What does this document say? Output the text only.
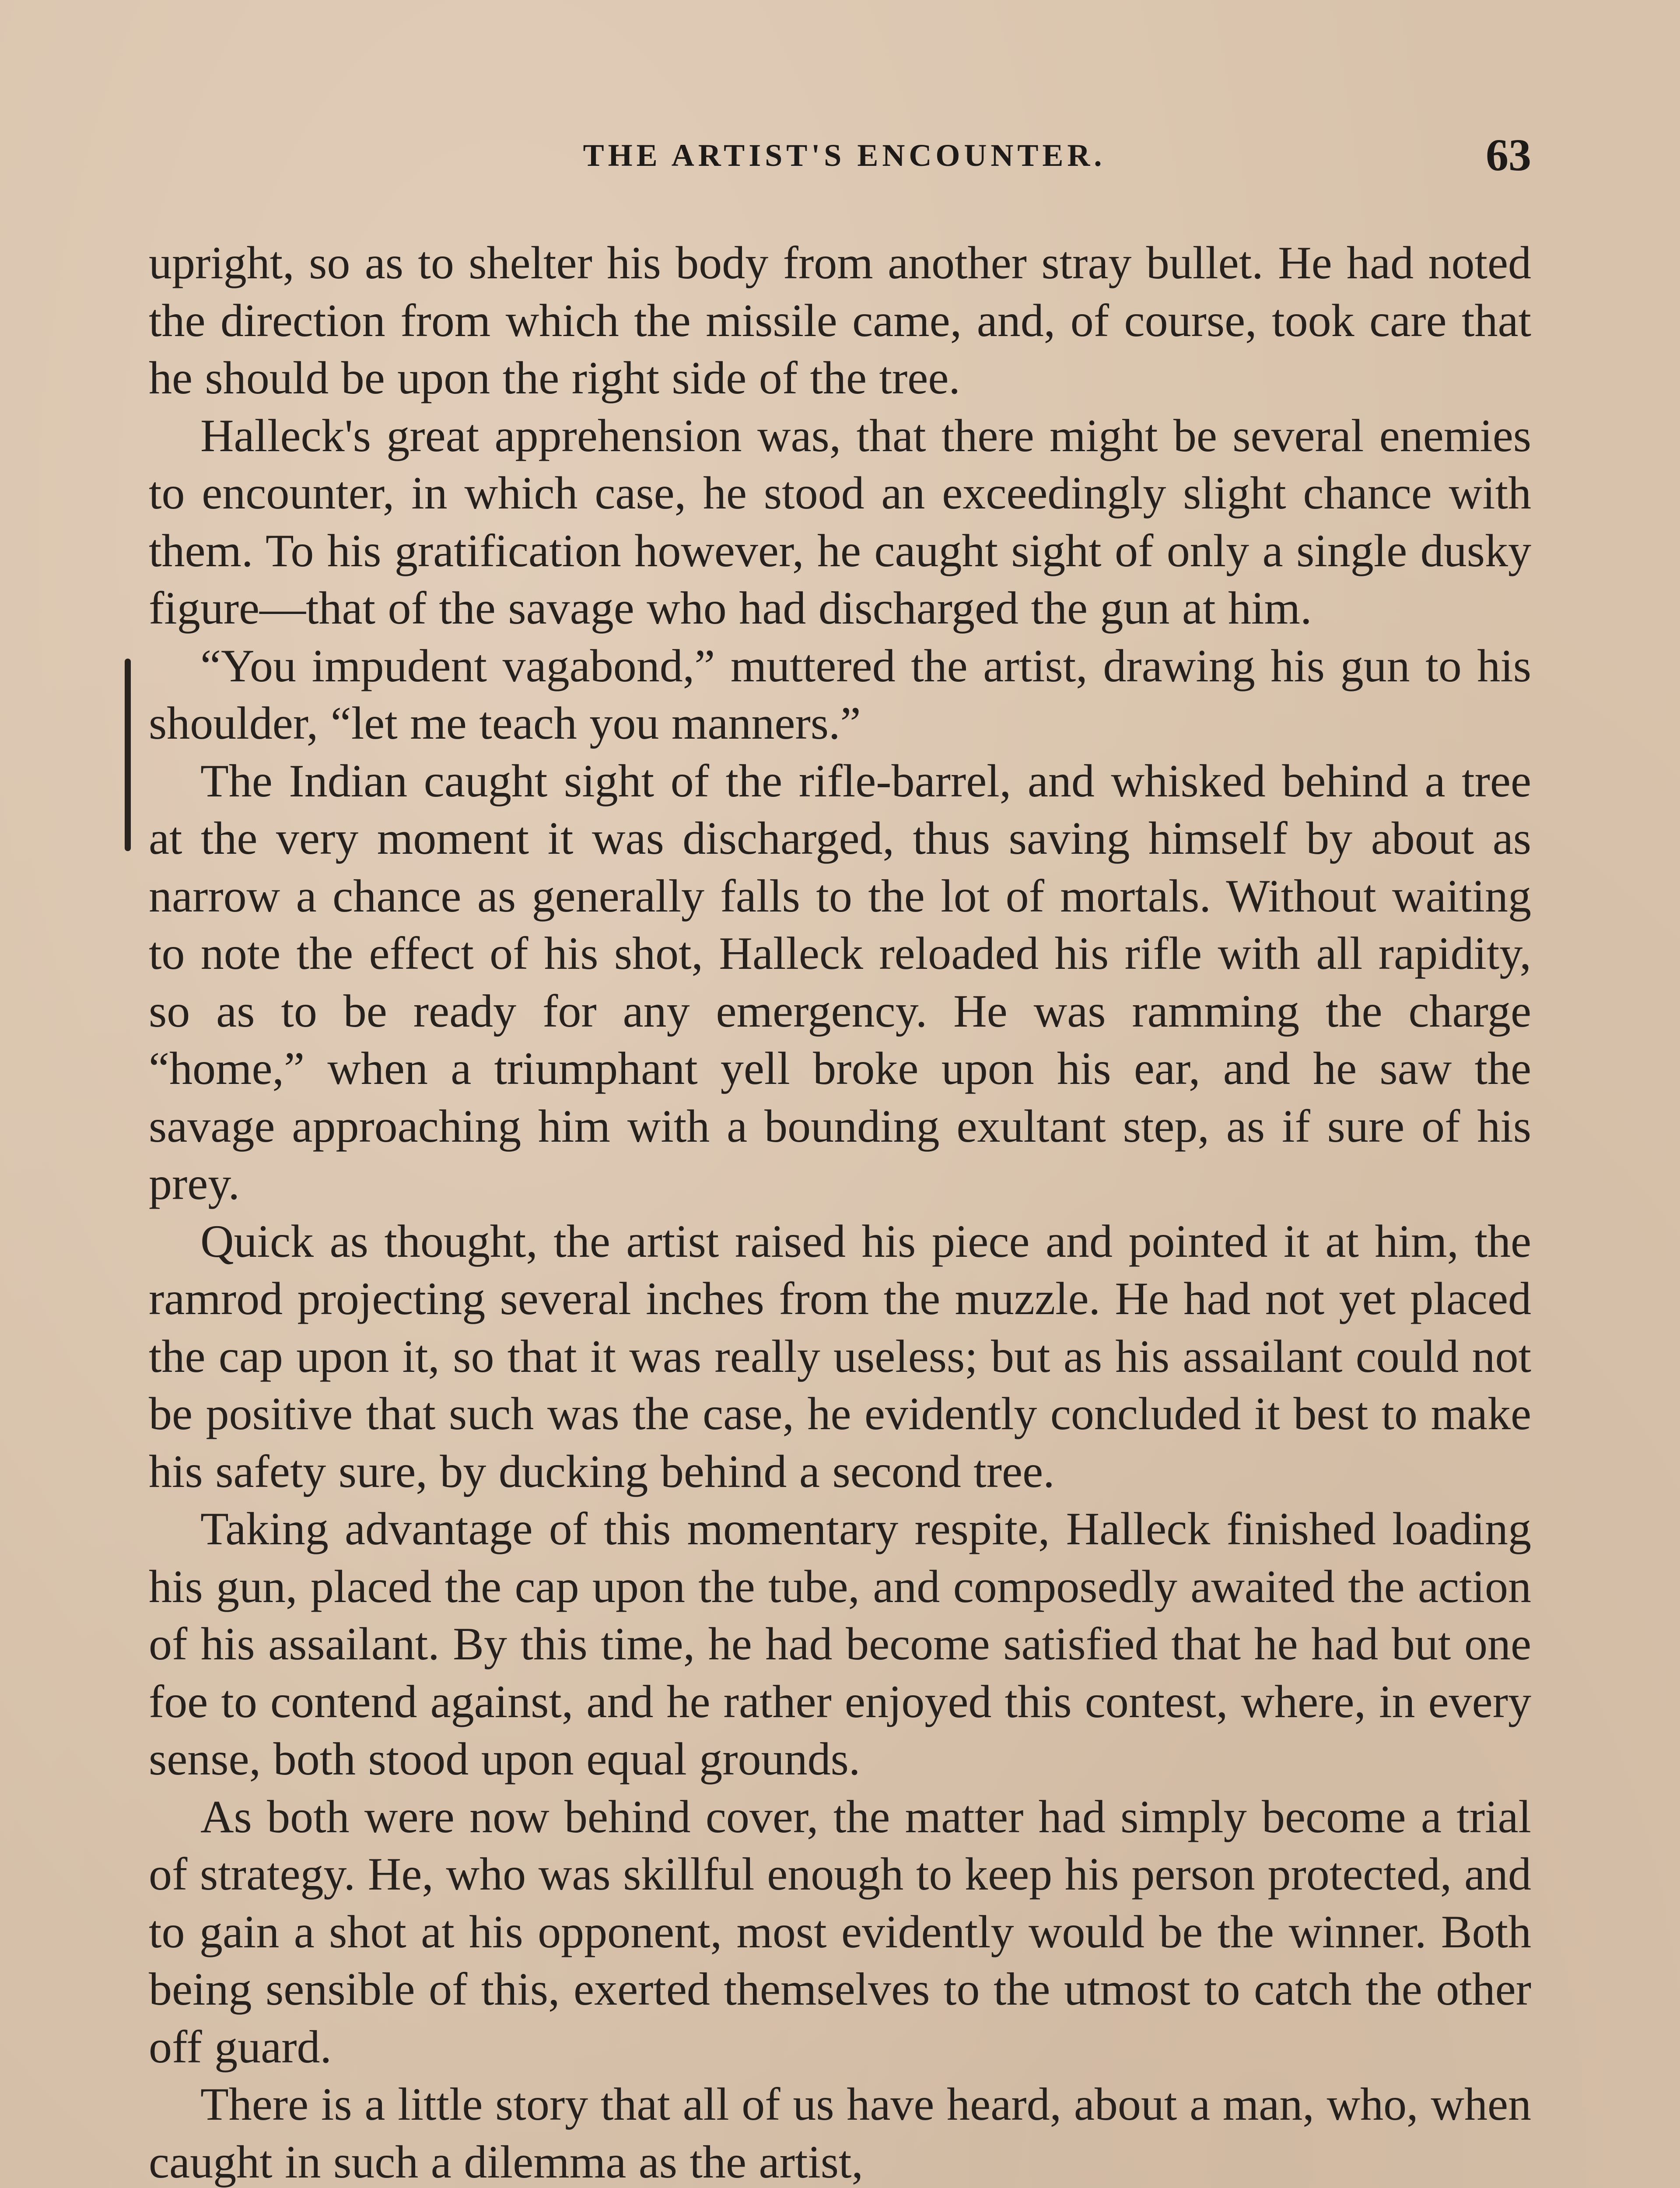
THE ARTIST'S ENCOUNTER.	63

upright, so as to shelter his body from another stray bullet. He had noted the direction from which the missile came, and, of course, took care that he should be upon the right side of the tree.

Halleck's great apprehension was, that there might be several enemies to encounter, in which case, he stood an exceedingly slight chance with them. To his gratification however, he caught sight of only a single dusky figure—that of the savage who had discharged the gun at him.

“You impudent vagabond,” muttered the artist, drawing his gun to his shoulder, “let me teach you manners.”

The Indian caught sight of the rifle-barrel, and whisked behind a tree at the very moment it was discharged, thus saving himself by about as narrow a chance as generally falls to the lot of mortals. Without waiting to note the effect of his shot, Halleck reloaded his rifle with all rapidity, so as to be ready for any emergency. He was ramming the charge “home,” when a triumphant yell broke upon his ear, and he saw the savage approaching him with a bounding exultant step, as if sure of his prey.

Quick as thought, the artist raised his piece and pointed it at him, the ramrod projecting several inches from the muzzle. He had not yet placed the cap upon it, so that it was really useless; but as his assailant could not be positive that such was the case, he evidently concluded it best to make his safety sure, by ducking behind a second tree.

Taking advantage of this momentary respite, Halleck finished loading his gun, placed the cap upon the tube, and composedly awaited the action of his assailant. By this time, he had become satisfied that he had but one foe to contend against, and he rather enjoyed this contest, where, in every sense, both stood upon equal grounds.

As both were now behind cover, the matter had simply become a trial of strategy. He, who was skillful enough to keep his person protected, and to gain a shot at his opponent, most evidently would be the winner. Both being sensible of this, exerted themselves to the utmost to catch the other off guard.

There is a little story that all of us have heard, about a man, who, when caught in such a dilemma as the artist,
